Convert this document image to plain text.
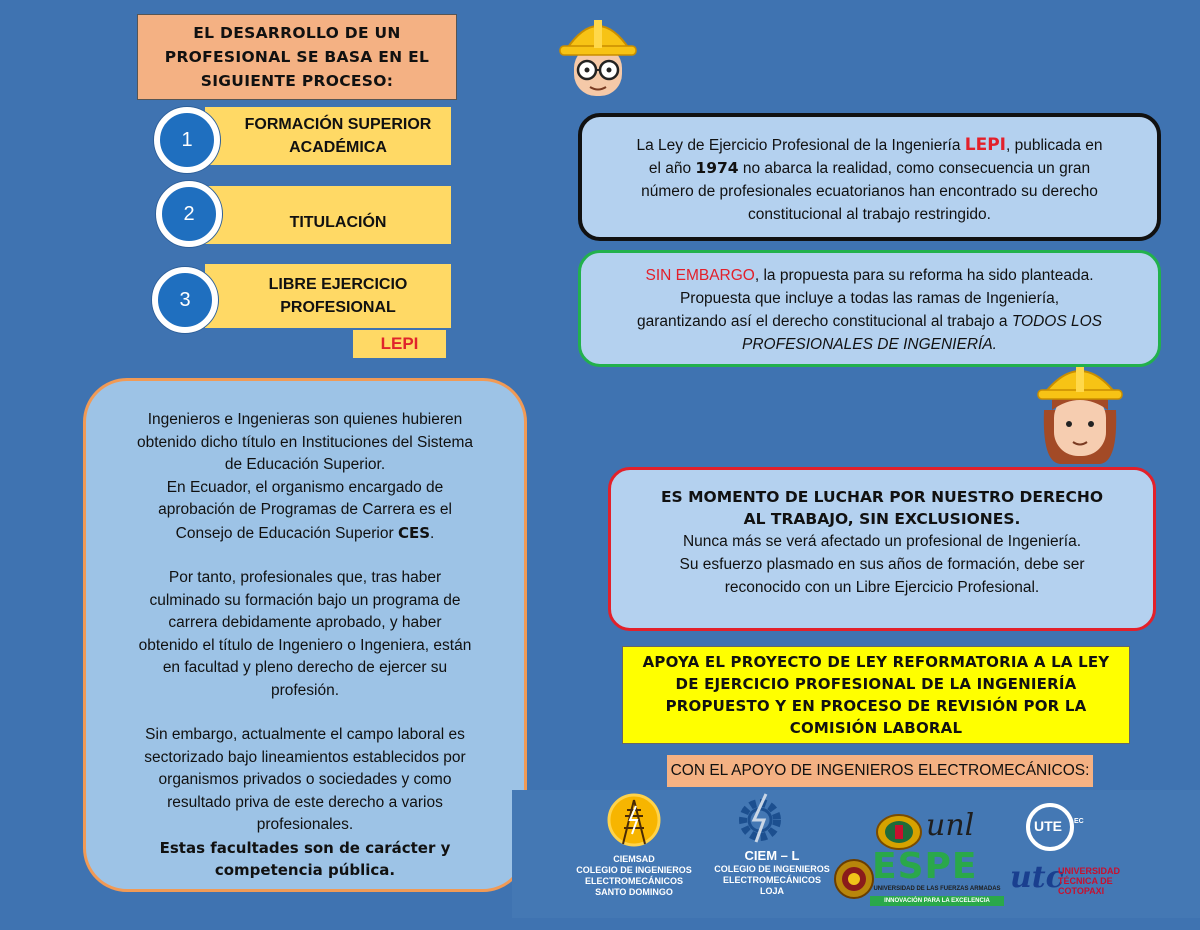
EL DESARROLLO DE UN
PROFESIONAL SE BASA EN EL
SIGUIENTE PROCESO:
FORMACIÓN SUPERIOR
ACADÉMICA
1
TITULACIÓN
2
LIBRE EJERCICIO
PROFESIONAL
3
LEPI

Ingenieros e Ingenieras son quienes hubieren

obtenido dicho título en Instituciones del Sistema

de Educación Superior.

En Ecuador, el organismo encargado de

aprobación de Programas de Carrera es el

Consejo de Educación Superior CES.

Por tanto, profesionales que, tras haber

culminado su formación bajo un programa de

carrera debidamente aprobado, y haber

obtenido el título de Ingeniero o Ingeniera, están

en facultad y pleno derecho de ejercer su

profesión.

Sin embargo, actualmente el campo laboral es

sectorizado bajo lineamientos establecidos por

organismos privados o sociedades y como

resultado priva de este derecho a varios

profesionales.

Estas facultades son de carácter y

competencia pública.

La Ley de Ejercicio Profesional de la Ingeniería LEPI, publicada en
el año 1974 no abarca la realidad, como consecuencia un gran
número de profesionales ecuatorianos han encontrado su derecho
constitucional al trabajo restringido.
SIN EMBARGO, la propuesta para su reforma ha sido planteada.
Propuesta que incluye a todas las ramas de Ingeniería,
garantizando así el derecho constitucional al trabajo a TODOS LOS
PROFESIONALES DE INGENIERÍA.
ES MOMENTO DE LUCHAR POR NUESTRO DERECHO
AL TRABAJO, SIN EXCLUSIONES.
Nunca más se verá afectado un profesional de Ingeniería.
Su esfuerzo plasmado en sus años de formación, debe ser
reconocido con un Libre Ejercicio Profesional.
APOYA EL PROYECTO DE LEY REFORMATORIA A LA LEY
DE EJERCICIO PROFESIONAL DE LA INGENIERÍA
PROPUESTO Y EN PROCESO DE REVISIÓN POR LA
COMISIÓN LABORAL
CON EL APOYO DE INGENIEROS ELECTROMECÁNICOS:
CIEMSAD
COLEGIO DE INGENIEROS
ELECTROMECÁNICOS
SANTO DOMINGO
CIEM – L
COLEGIO DE INGENIEROS
ELECTROMECÁNICOS LOJA
unl
ESPE
UNIVERSIDAD DE LAS FUERZAS ARMADAS
INNOVACIÓN PARA LA EXCELENCIA
UTE EC
utc
UNIVERSIDAD
TÉCNICA DE
COTOPAXI
